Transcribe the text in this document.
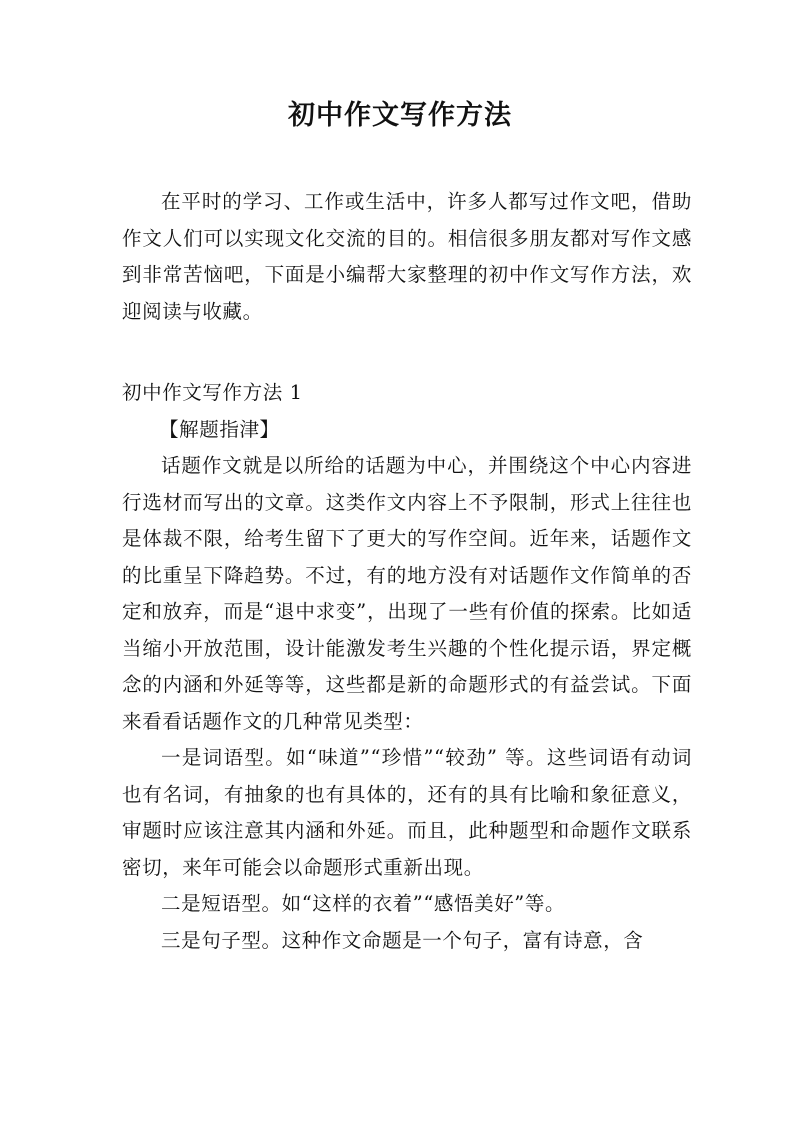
初中作文写作方法

在平时的学习、工作或生活中，许多人都写过作文吧，借助作文人们可以实现文化交流的目的。相信很多朋友都对写作文感到非常苦恼吧，下面是小编帮大家整理的初中作文写作方法，欢迎阅读与收藏。

初中作文写作方法 1

【解题指津】

话题作文就是以所给的话题为中心，并围绕这个中心内容进行选材而写出的文章。这类作文内容上不予限制，形式上往往也是体裁不限，给考生留下了更大的写作空间。近年来，话题作文的比重呈下降趋势。不过，有的地方没有对话题作文作简单的否定和放弃，而是“退中求变”，出现了一些有价值的探索。比如适当缩小开放范围，设计能激发考生兴趣的个性化提示语，界定概念的内涵和外延等等，这些都是新的命题形式的有益尝试。下面来看看话题作文的几种常见类型：

一是词语型。如“味道”“珍惜”“较劲” 等。这些词语有动词也有名词，有抽象的也有具体的，还有的具有比喻和象征意义，审题时应该注意其内涵和外延。而且，此种题型和命题作文联系密切，来年可能会以命题形式重新出现。

二是短语型。如“这样的衣着”“感悟美好”等。

三是句子型。这种作文命题是一个句子，富有诗意，含
